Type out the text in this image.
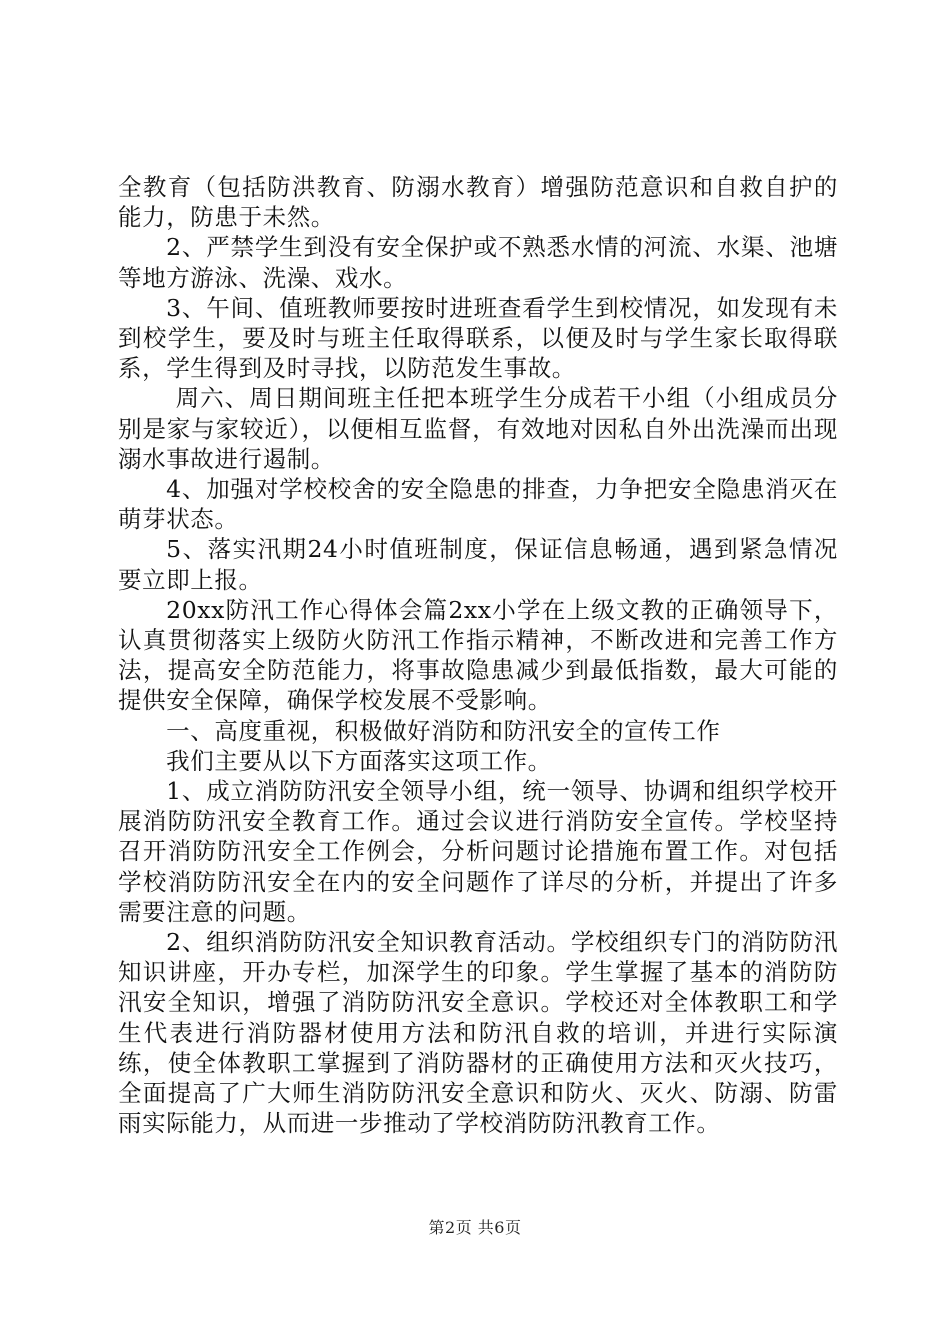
全教育（包括防洪教育、防溺水教育）增强防范意识和自救自护的能力，防患于未然。

2、严禁学生到没有安全保护或不熟悉水情的河流、水渠、池塘等地方游泳、洗澡、戏水。

3、午间、值班教师要按时进班查看学生到校情况，如发现有未到校学生，要及时与班主任取得联系，以便及时与学生家长取得联系，学生得到及时寻找，以防范发生事故。

周六、周日期间班主任把本班学生分成若干小组（小组成员分别是家与家较近），以便相互监督，有效地对因私自外出洗澡而出现溺水事故进行遏制。

4、加强对学校校舍的安全隐患的排查，力争把安全隐患消灭在萌芽状态。

5、落实汛期24小时值班制度，保证信息畅通，遇到紧急情况要立即上报。

20xx防汛工作心得体会篇2xx小学在上级文教的正确领导下，认真贯彻落实上级防火防汛工作指示精神，不断改进和完善工作方法，提高安全防范能力，将事故隐患减少到最低指数，最大可能的提供安全保障，确保学校发展不受影响。

一、高度重视，积极做好消防和防汛安全的宣传工作

我们主要从以下方面落实这项工作。

1、成立消防防汛安全领导小组，统一领导、协调和组织学校开展消防防汛安全教育工作。通过会议进行消防安全宣传。学校坚持召开消防防汛安全工作例会，分析问题讨论措施布置工作。对包括学校消防防汛安全在内的安全问题作了详尽的分析，并提出了许多需要注意的问题。

2、组织消防防汛安全知识教育活动。学校组织专门的消防防汛知识讲座，开办专栏，加深学生的印象。学生掌握了基本的消防防汛安全知识，增强了消防防汛安全意识。学校还对全体教职工和学生代表进行消防器材使用方法和防汛自救的培训，并进行实际演练，使全体教职工掌握到了消防器材的正确使用方法和灭火技巧，全面提高了广大师生消防防汛安全意识和防火、灭火、防溺、防雷雨实际能力，从而进一步推动了学校消防防汛教育工作。

第2页 共6页
